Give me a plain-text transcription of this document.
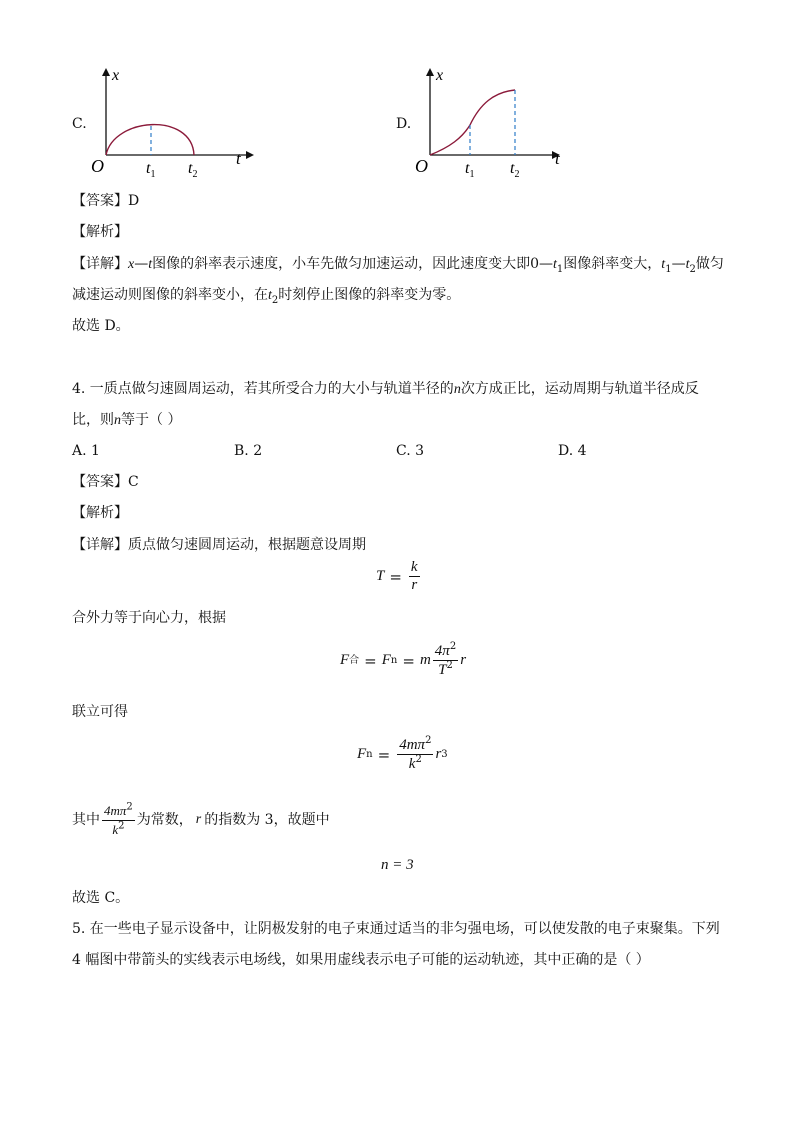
C.
x
t
O	$t_1$ $t_2$
D.
x
t
O $t_1$ $t_2$
【答案】D
【解析】
【详解】x—t图像的斜率表示速度，小车先做匀加速运动，因此速度变大即$0—t_1$图像斜率变大，$t_1—t_2$做匀
减速运动则图像的斜率变小，在$t_2$时刻停止图像的斜率变为零。
故选 D。
4. 一质点做匀速圆周运动，若其所受合力的大小与轨道半径的n次方成正比，运动周期与轨道半径成反
比，则n等于（ ）
A. 1	B. 2	C. 3	D. 4
【答案】C
【解析】
【详解】质点做匀速圆周运动，根据题意设周期
$T = \frac{k}{r}$
合外力等于向心力，根据
F 合 = F n = m $\frac{4\pi^2}{T^2}$ r
联立可得
F $n = \frac{4m\pi^2}{k^2}$ r 3
其中 $\frac{4m\pi^2}{k^2}$ 为常数， r 的指数为 3，故题中
n = 3
故选 C。
5. 在一些电子显示设备中，让阴极发射的电子束通过适当的非匀强电场，可以使发散的电子束聚集。下列
4 幅图中带箭头的实线表示电场线，如果用虚线表示电子可能的运动轨迹，其中正确的是（ ）
